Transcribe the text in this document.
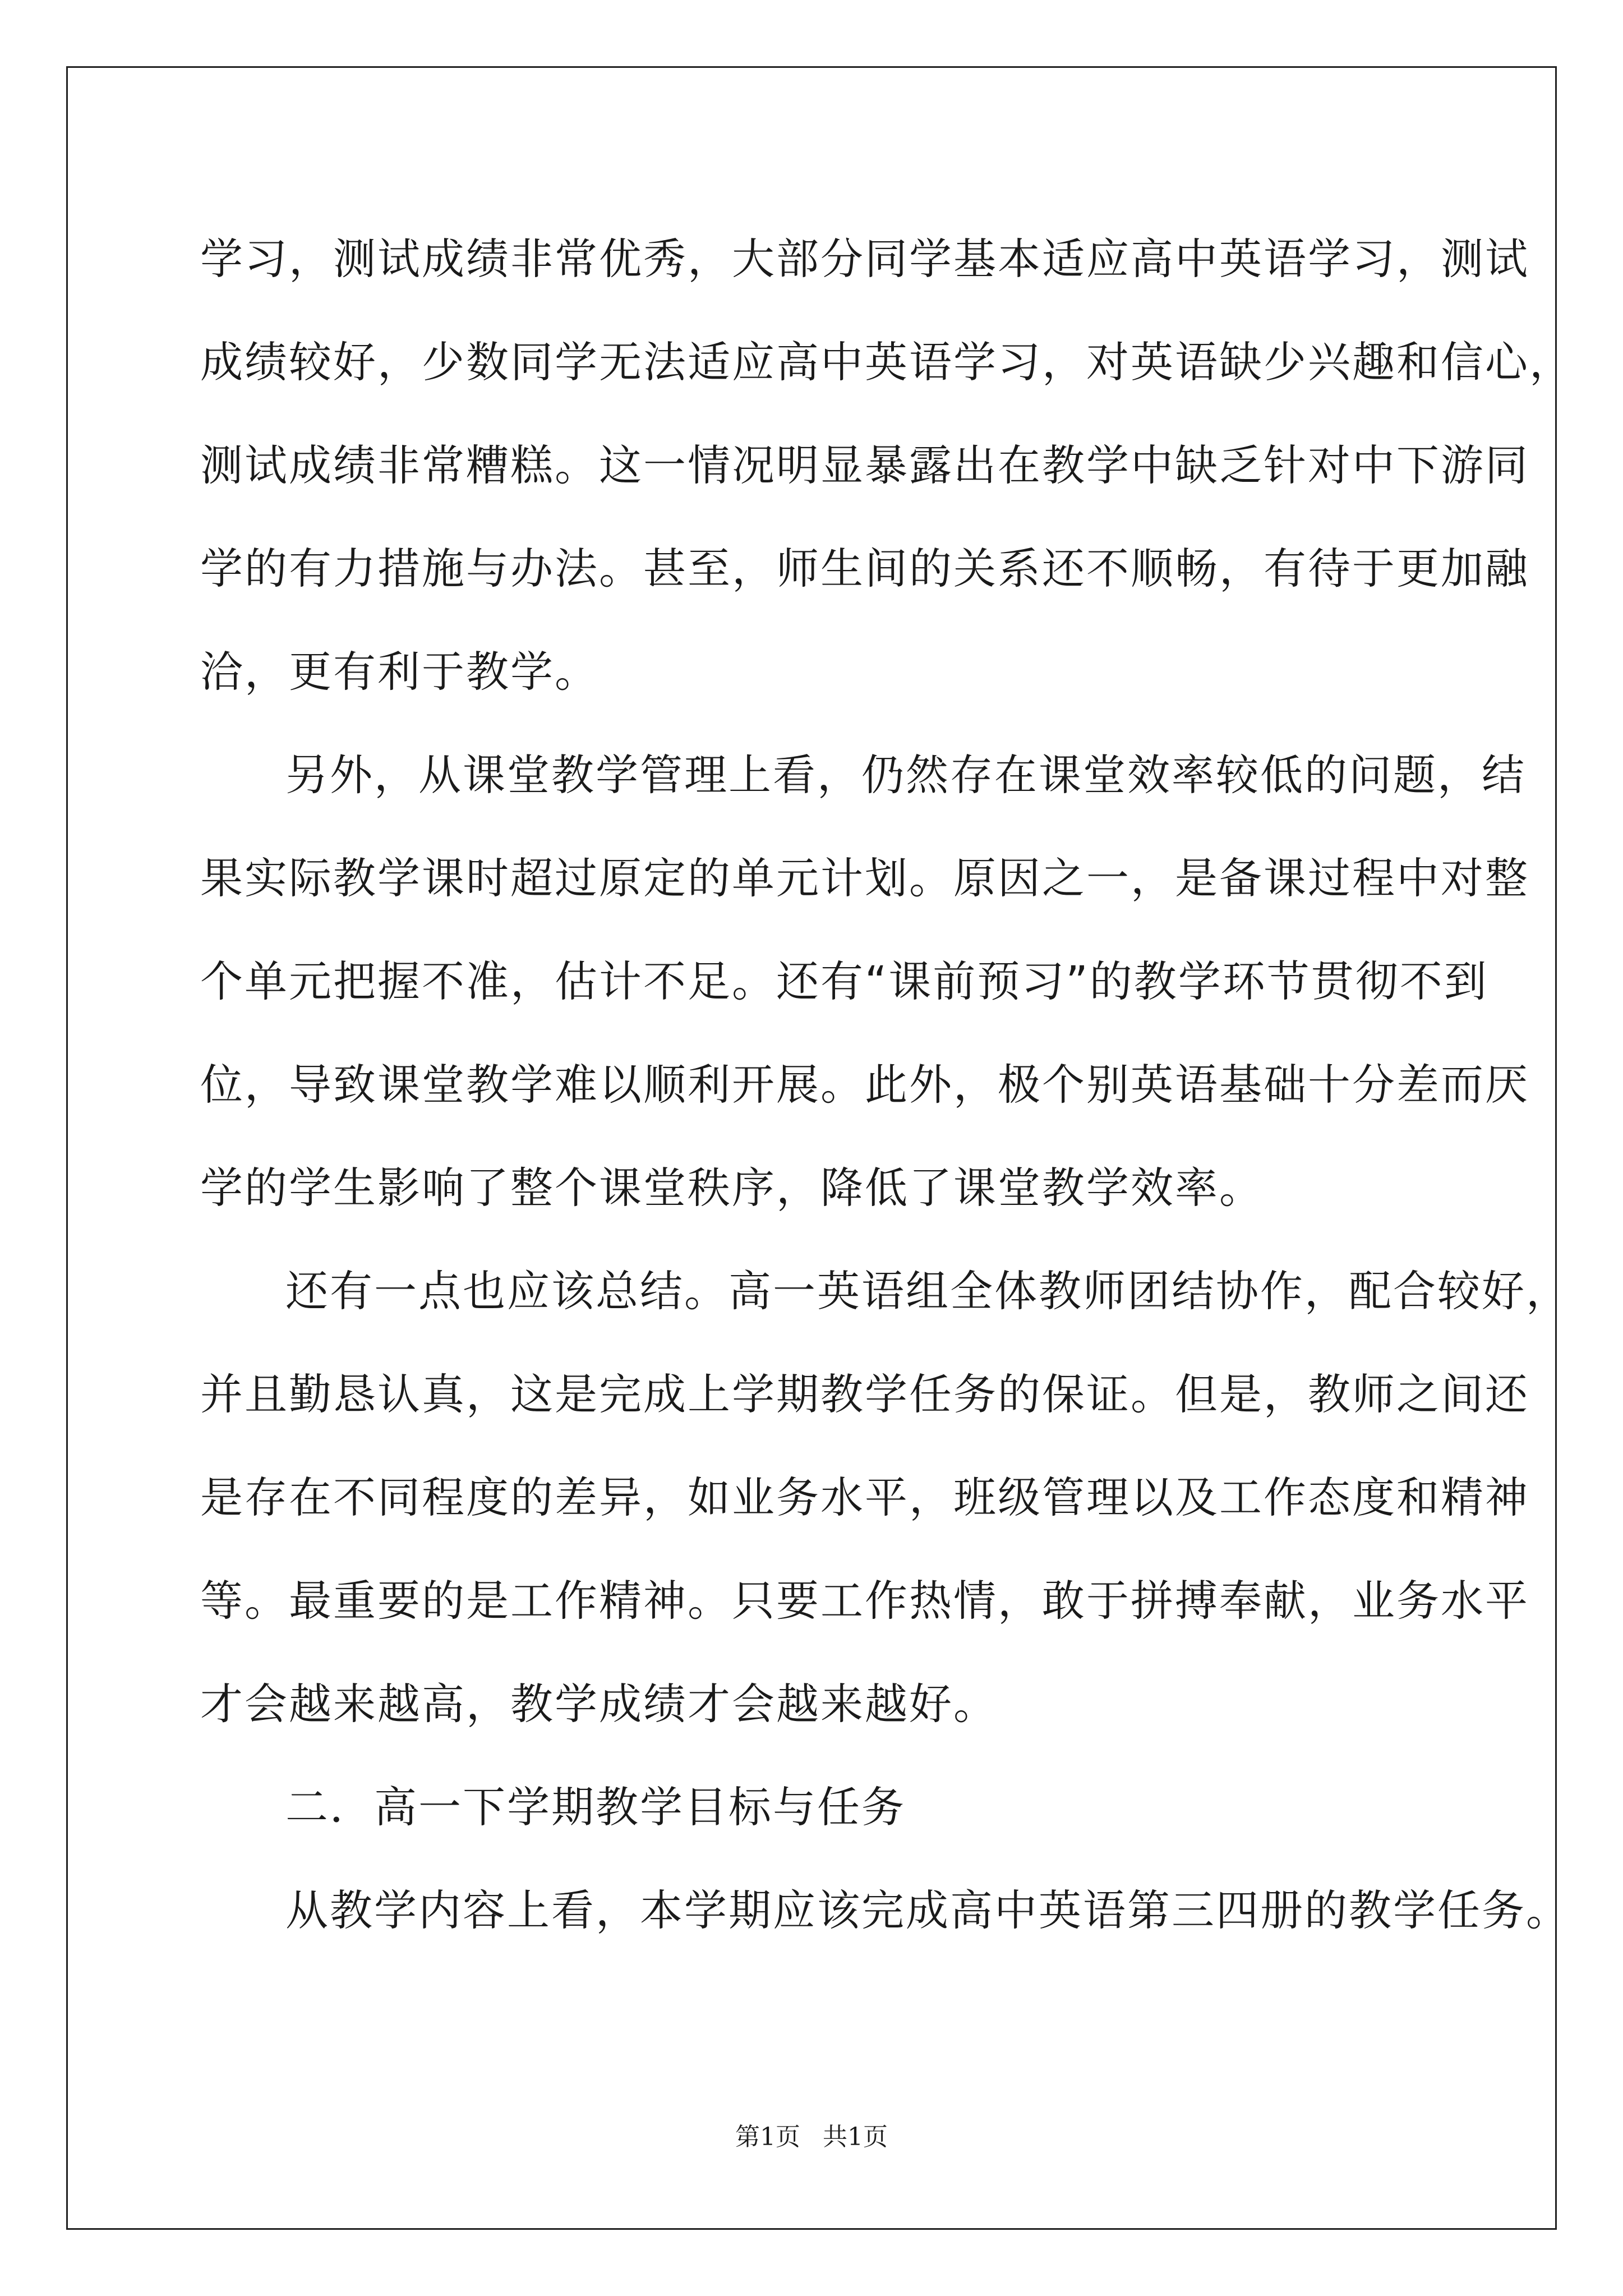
学习，测试成绩非常优秀，大部分同学基本适应高中英语学习，测试
成绩较好，少数同学无法适应高中英语学习，对英语缺少兴趣和信心，
测试成绩非常糟糕。这一情况明显暴露出在教学中缺乏针对中下游同
学的有力措施与办法。甚至，师生间的关系还不顺畅，有待于更加融
洽，更有利于教学。
另外，从课堂教学管理上看，仍然存在课堂效率较低的问题，结
果实际教学课时超过原定的单元计划。原因之一，是备课过程中对整
个单元把握不准，估计不足。还有“课前预习”的教学环节贯彻不到
位，导致课堂教学难以顺利开展。此外，极个别英语基础十分差而厌
学的学生影响了整个课堂秩序，降低了课堂教学效率。
还有一点也应该总结。高一英语组全体教师团结协作，配合较好，
并且勤恳认真，这是完成上学期教学任务的保证。但是，教师之间还
是存在不同程度的差异，如业务水平，班级管理以及工作态度和精神
等。最重要的是工作精神。只要工作热情，敢于拼搏奉献，业务水平
才会越来越高，教学成绩才会越来越好。
二．高一下学期教学目标与任务
从教学内容上看，本学期应该完成高中英语第三四册的教学任务。
第1页 共1页
